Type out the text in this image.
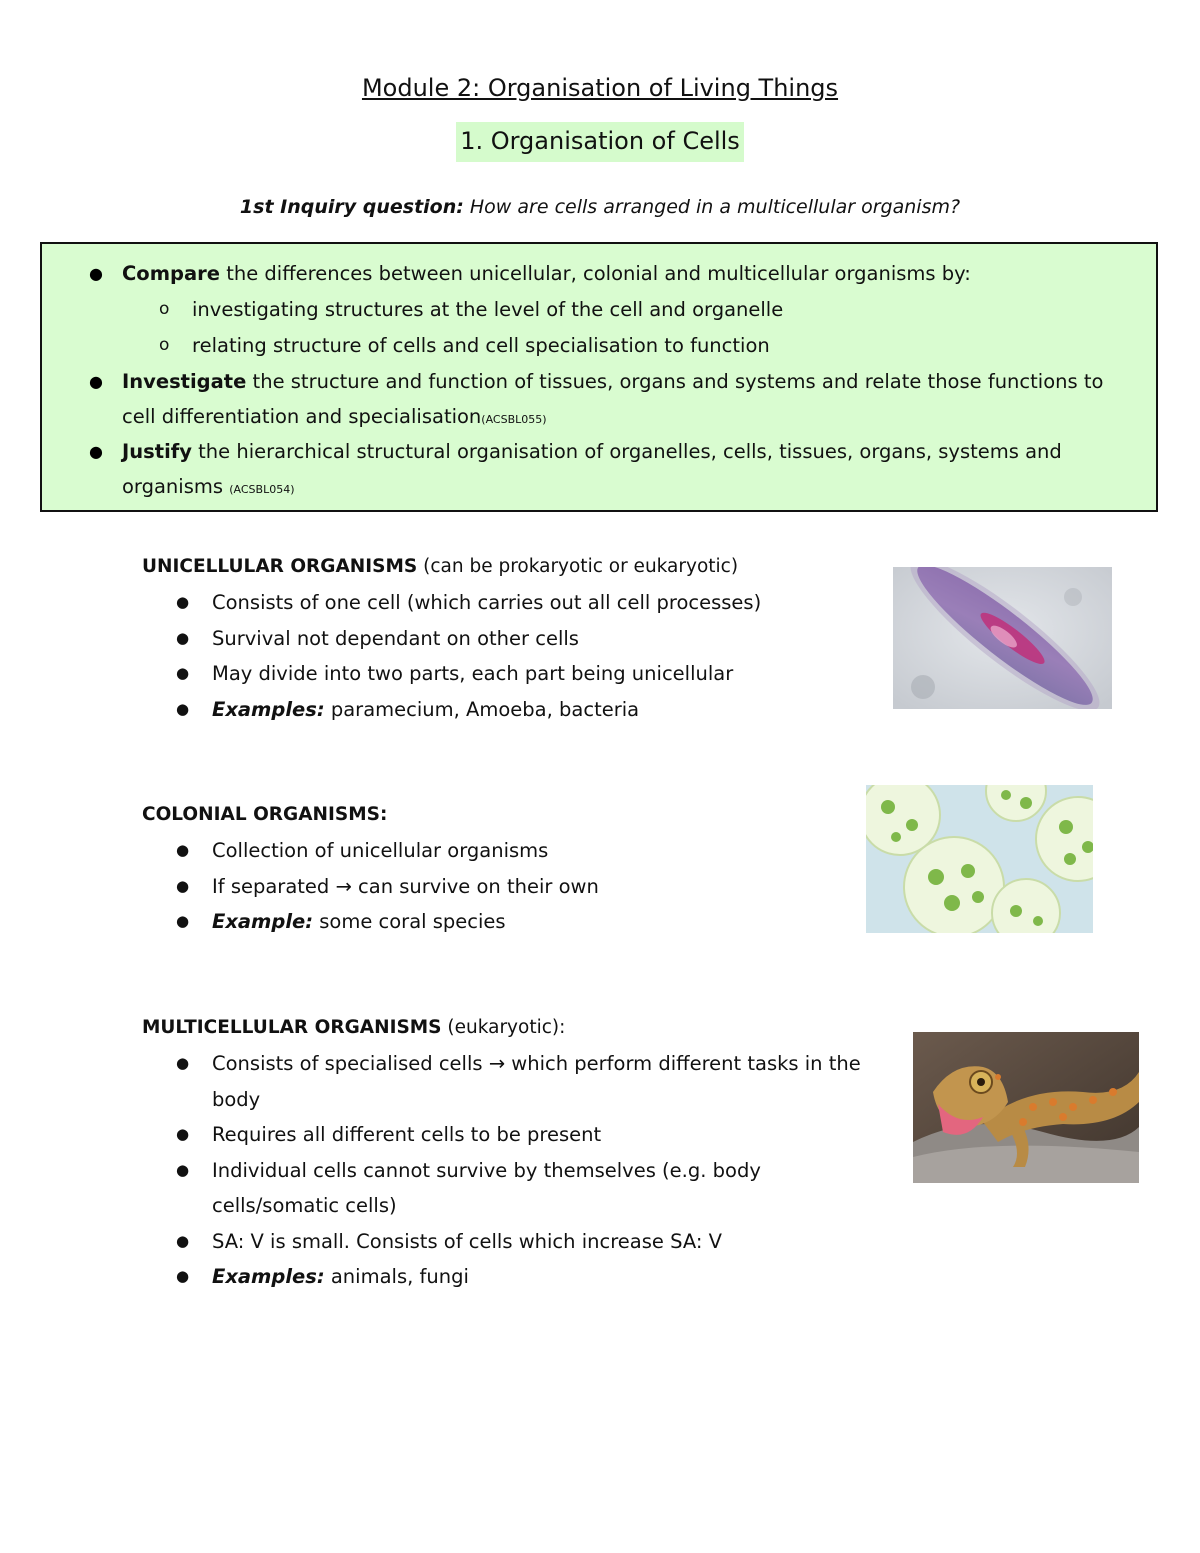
Module 2: Organisation of Living Things
1. Organisation of Cells
1st Inquiry question: How are cells arranged in a multicellular organism?
● Compare the differences between unicellular, colonial and multicellular organisms by:
o investigating structures at the level of the cell and organelle
o relating structure of cells and cell specialisation to function
● Investigate the structure and function of tissues, organs and systems and relate those functions to
cell differentiation and specialisation(ACSBL055)
● Justify the hierarchical structural organisation of organelles, cells, tissues, organs, systems and
organisms (ACSBL054)
UNICELLULAR ORGANISMS (can be prokaryotic or eukaryotic)
● Consists of one cell (which carries out all cell processes)
● Survival not dependant on other cells
● May divide into two parts, each part being unicellular
● Examples: paramecium, Amoeba, bacteria
COLONIAL ORGANISMS:
● Collection of unicellular organisms
● If separated → can survive on their own
● Example: some coral species
MULTICELLULAR ORGANISMS (eukaryotic):
● Consists of specialised cells → which perform different tasks in the body
● Requires all different cells to be present
● Individual cells cannot survive by themselves (e.g. body cells/somatic cells)
● SA: V is small. Consists of cells which increase SA: V
● Examples: animals, fungi
